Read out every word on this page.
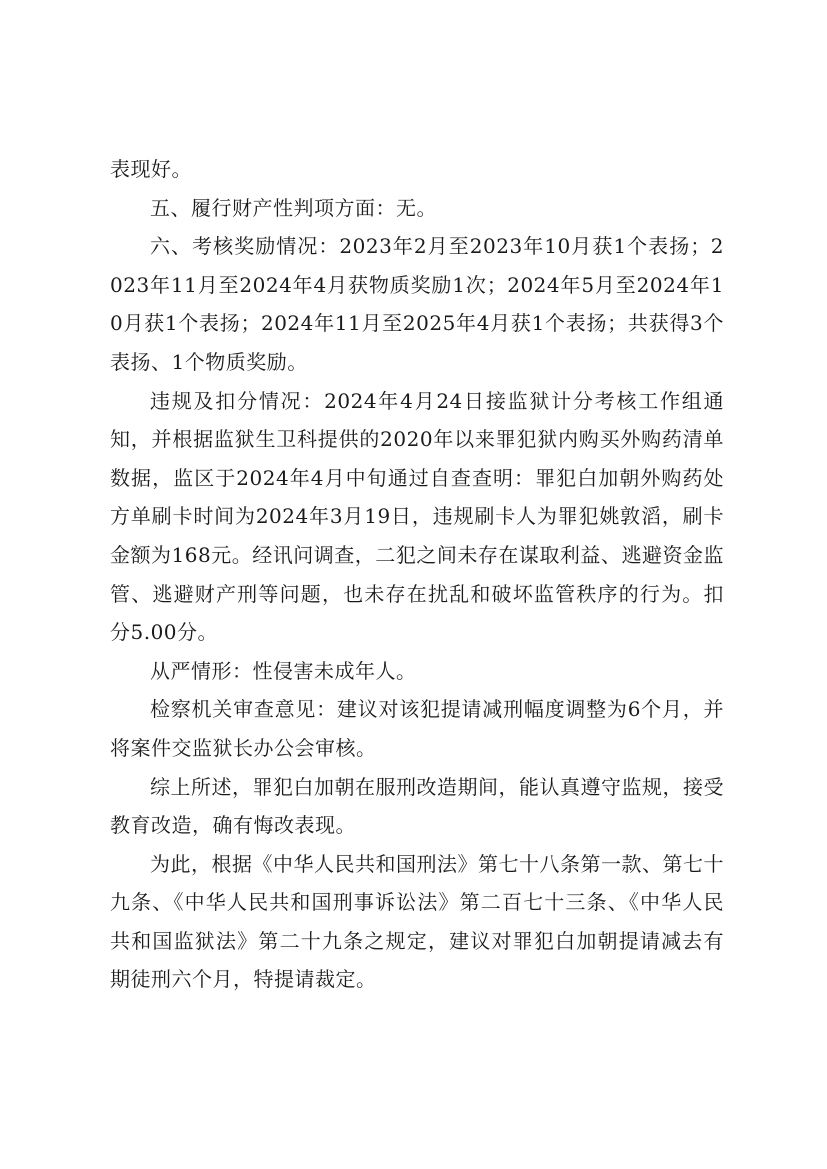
表现好。

五、履行财产性判项方面：无。

六、考核奖励情况：2023年2月至2023年10月获1个表扬；2023年11月至2024年4月获物质奖励1次；2024年5月至2024年10月获1个表扬；2024年11月至2025年4月获1个表扬；共获得3个表扬、1个物质奖励。

违规及扣分情况：2024年4月24日接监狱计分考核工作组通知，并根据监狱生卫科提供的2020年以来罪犯狱内购买外购药清单数据，监区于2024年4月中旬通过自查查明：罪犯白加朝外购药处方单刷卡时间为2024年3月19日，违规刷卡人为罪犯姚敦滔，刷卡金额为168元。经讯问调查，二犯之间未存在谋取利益、逃避资金监管、逃避财产刑等问题，也未存在扰乱和破坏监管秩序的行为。扣分5.00分。

从严情形：性侵害未成年人。

检察机关审查意见：建议对该犯提请减刑幅度调整为6个月，并将案件交监狱长办公会审核。

综上所述，罪犯白加朝在服刑改造期间，能认真遵守监规，接受教育改造，确有悔改表现。

为此，根据《中华人民共和国刑法》第七十八条第一款、第七十九条、《中华人民共和国刑事诉讼法》第二百七十三条、《中华人民共和国监狱法》第二十九条之规定，建议对罪犯白加朝提请减去有期徒刑六个月，特提请裁定。
